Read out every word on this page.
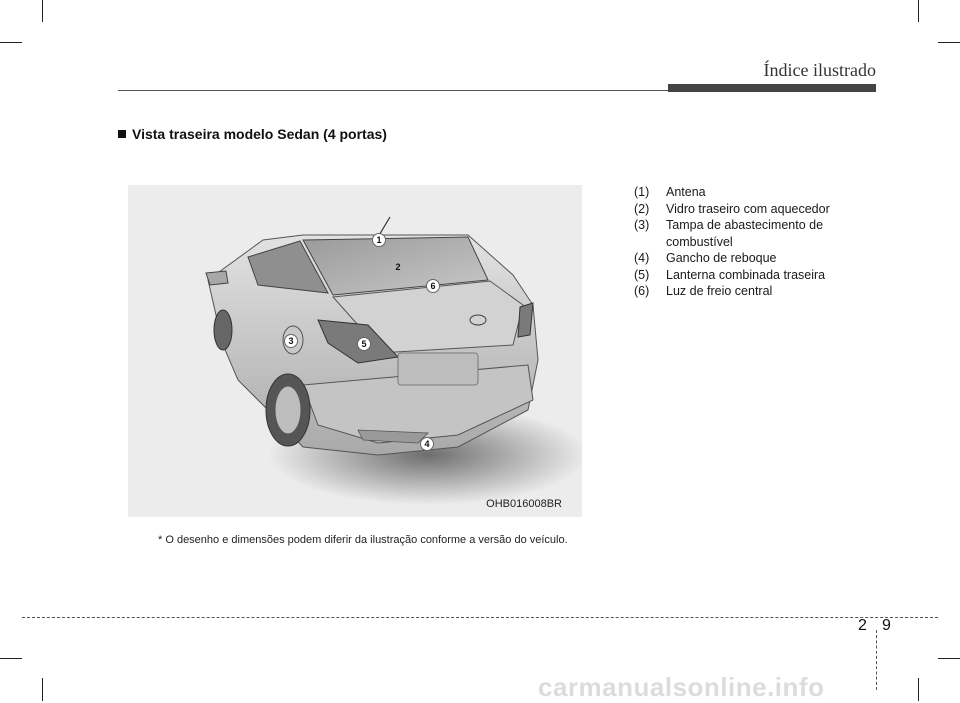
Índice ilustrado
Vista traseira modelo Sedan (4 portas)
1
2
3
4
5
6
OHB016008BR
* O desenho e dimensões podem diferir da ilustração conforme a versão do veículo.
(1)	Antena
(2)	Vidro traseiro com aquecedor
(3)	Tampa de abastecimento de combustível
(4)	Gancho de reboque
(5)	Lanterna combinada traseira
(6)	Luz de freio central
2 9
carmanualsonline.info
